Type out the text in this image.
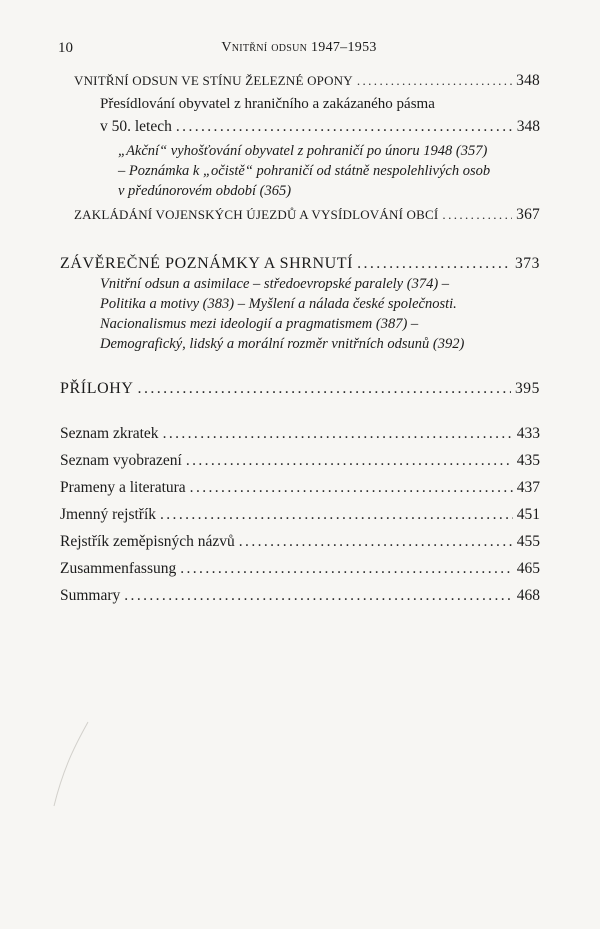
10	Vnitřní odsun 1947–1953
VNITŘNÍ ODSUN VE STÍNU ŽELEZNÉ OPONY .....	348
Přesídlování obyvatel z hraničního a zakázaného pásma
v 50. letech .....	348
„Akční“ vyhošťování obyvatel z pohraničí po únoru 1948 (357)
– Poznámka k „očistě“ pohraničí od státně nespolehlivých osob
v předúnorovém období (365)
ZAKLÁDÁNÍ VOJENSKÝCH ÚJEZDŮ A VYSÍDLOVÁNÍ OBCÍ .....	367
ZÁVĚREČNÉ POZNÁMKY A SHRNUTÍ .....	373
Vnitřní odsun a asimilace – středoevropské paralely (374) –
Politika a motivy (383) – Myšlení a nálada české společnosti.
Nacionalismus mezi ideologií a pragmatismem (387) –
Demografický, lidský a morální rozměr vnitřních odsunů (392)
PŘÍLOHY .....	395
Seznam zkratek .....	433
Seznam vyobrazení .....	435
Prameny a literatura .....	437
Jmenný rejstřík .....	451
Rejstřík zeměpisných názvů .....	455
Zusammenfassung .....	465
Summary .....	468
